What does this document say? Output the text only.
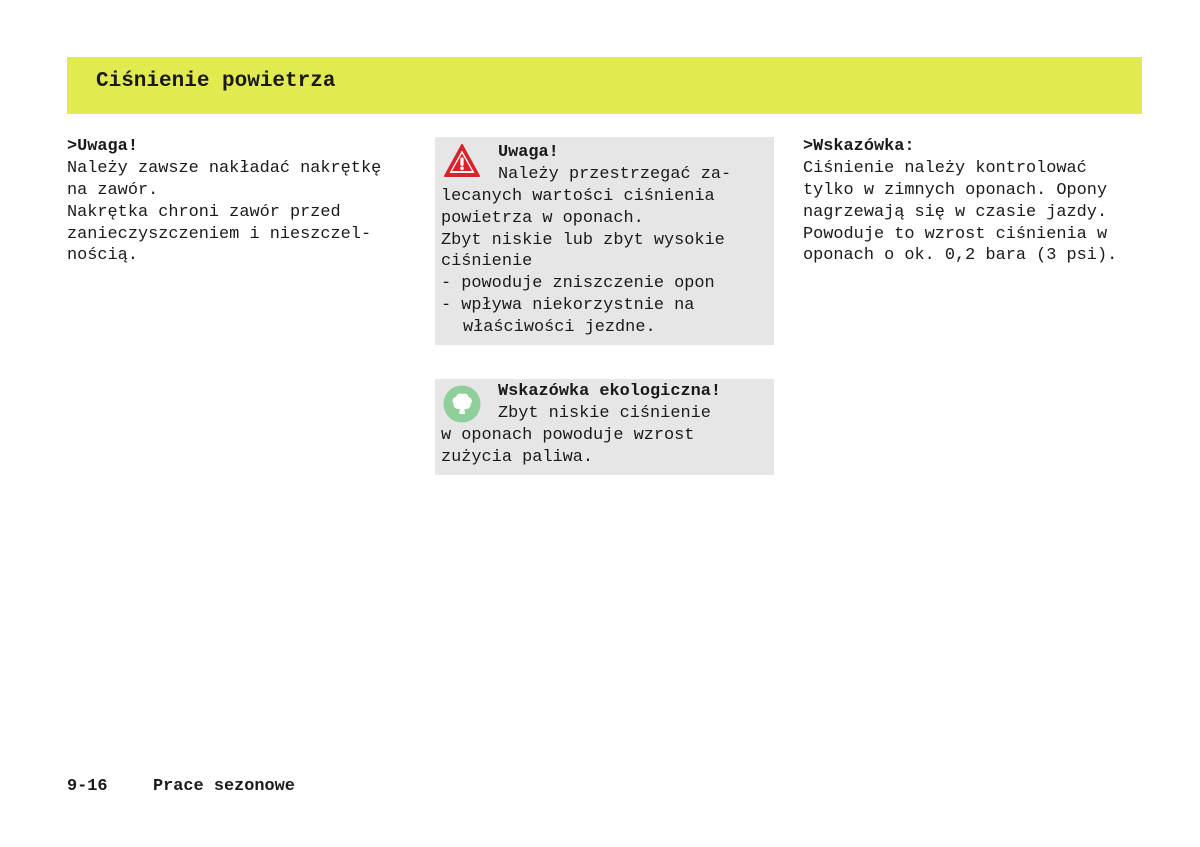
Ciśnienie powietrza
>Uwaga!
Należy zawsze nakładać nakrętkę
na zawór.
Nakrętka chroni zawór przed
zanieczyszczeniem i nieszczel-
nością.
Uwaga!
Należy przestrzegać za-
lecanych wartości ciśnienia
powietrza w oponach.
Zbyt niskie lub zbyt wysokie
ciśnienie
- powoduje zniszczenie opon
- wpływa niekorzystnie na
właściwości jezdne.
Wskazówka ekologiczna!
Zbyt niskie ciśnienie
w oponach powoduje wzrost
zużycia paliwa.
>Wskazówka:
Ciśnienie należy kontrolować
tylko w zimnych oponach. Opony
nagrzewają się w czasie jazdy.
Powoduje to wzrost ciśnienia w
oponach o ok. 0,2 bara (3 psi).
9-16	Prace sezonowe
